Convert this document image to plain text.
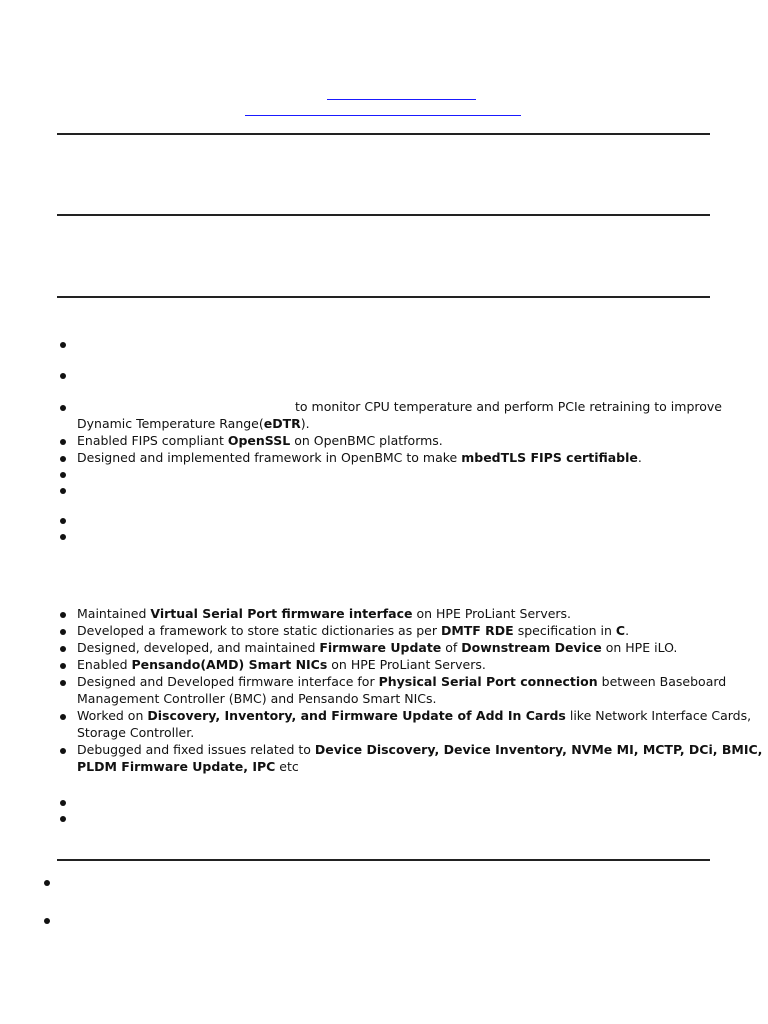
to monitor CPU temperature and perform PCIe retraining to improve
Dynamic Temperature Range(eDTR).
Enabled FIPS compliant OpenSSL on OpenBMC platforms.
Designed and implemented framework in OpenBMC to make mbedTLS FIPS certifiable.
Maintained Virtual Serial Port firmware interface on HPE ProLiant Servers.
Developed a framework to store static dictionaries as per DMTF RDE specification in C.
Designed, developed, and maintained Firmware Update of Downstream Device on HPE iLO.
Enabled Pensando(AMD) Smart NICs on HPE ProLiant Servers.
Designed and Developed firmware interface for Physical Serial Port connection between Baseboard
Management Controller (BMC) and Pensando Smart NICs.
Worked on Discovery, Inventory, and Firmware Update of Add In Cards like Network Interface Cards,
Storage Controller.
Debugged and fixed issues related to Device Discovery, Device Inventory, NVMe MI, MCTP, DCi, BMIC,
PLDM Firmware Update, IPC etc
